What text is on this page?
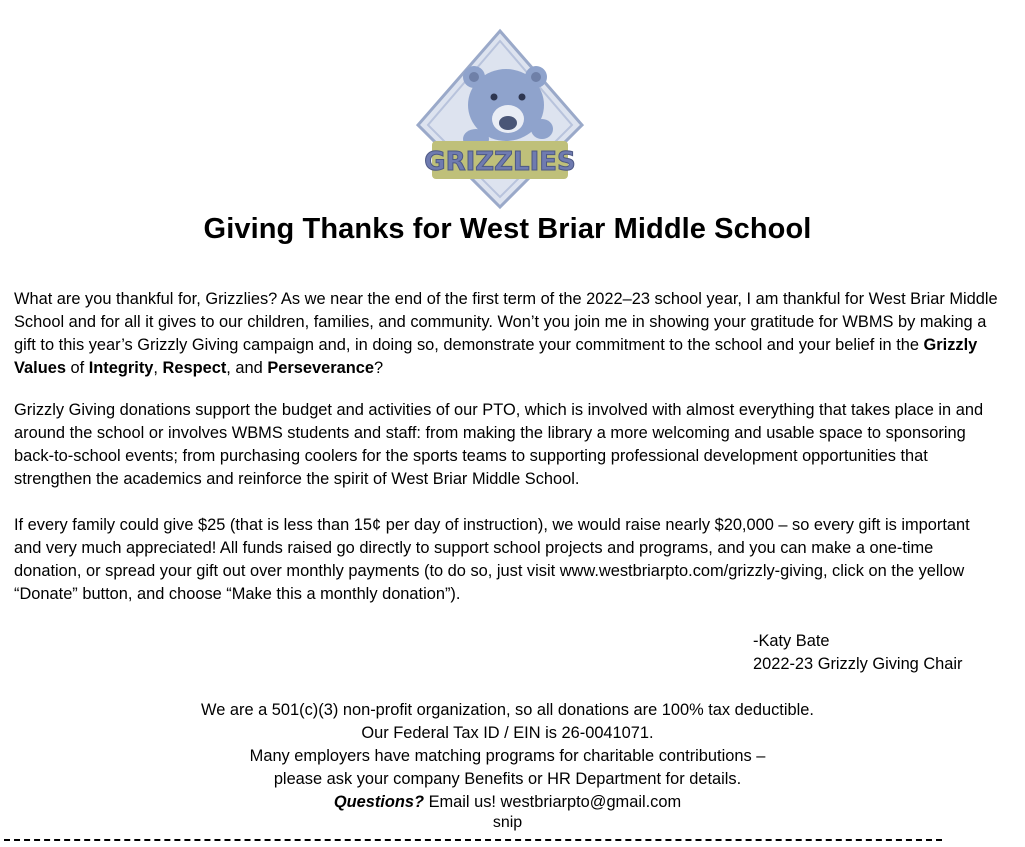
GRIZZLIES
Giving Thanks for West Briar Middle School

What are you thankful for, Grizzlies? As we near the end of the first term of the 2022–23 school year, I am thankful for West Briar Middle School and for all it gives to our children, families, and community. Won’t you join me in showing your gratitude for WBMS by making a gift to this year’s Grizzly Giving campaign and, in doing so, demonstrate your commitment to the school and your belief in the Grizzly Values of Integrity, Respect, and Perseverance?

Grizzly Giving donations support the budget and activities of our PTO, which is involved with almost everything that takes place in and around the school or involves WBMS students and staff: from making the library a more welcoming and usable space to sponsoring back-to-school events; from purchasing coolers for the sports teams to supporting professional development opportunities that strengthen the academics and reinforce the spirit of West Briar Middle School.

If every family could give $25 (that is less than 15¢ per day of instruction), we would raise nearly $20,000 – so every gift is important and very much appreciated! All funds raised go directly to support school projects and programs, and you can make a one-time donation, or spread your gift out over monthly payments (to do so, just visit www.westbriarpto.com/grizzly-giving, click on the yellow “Donate” button, and choose “Make this a monthly donation”).

-Katy Bate
2022-23 Grizzly Giving Chair
We are a 501(c)(3) non-profit organization, so all donations are 100% tax deductible.
Our Federal Tax ID / EIN is 26-0041071.
Many employers have matching programs for charitable contributions –
please ask your company Benefits or HR Department for details.
Questions? Email us! westbriarpto@gmail.com
snip
